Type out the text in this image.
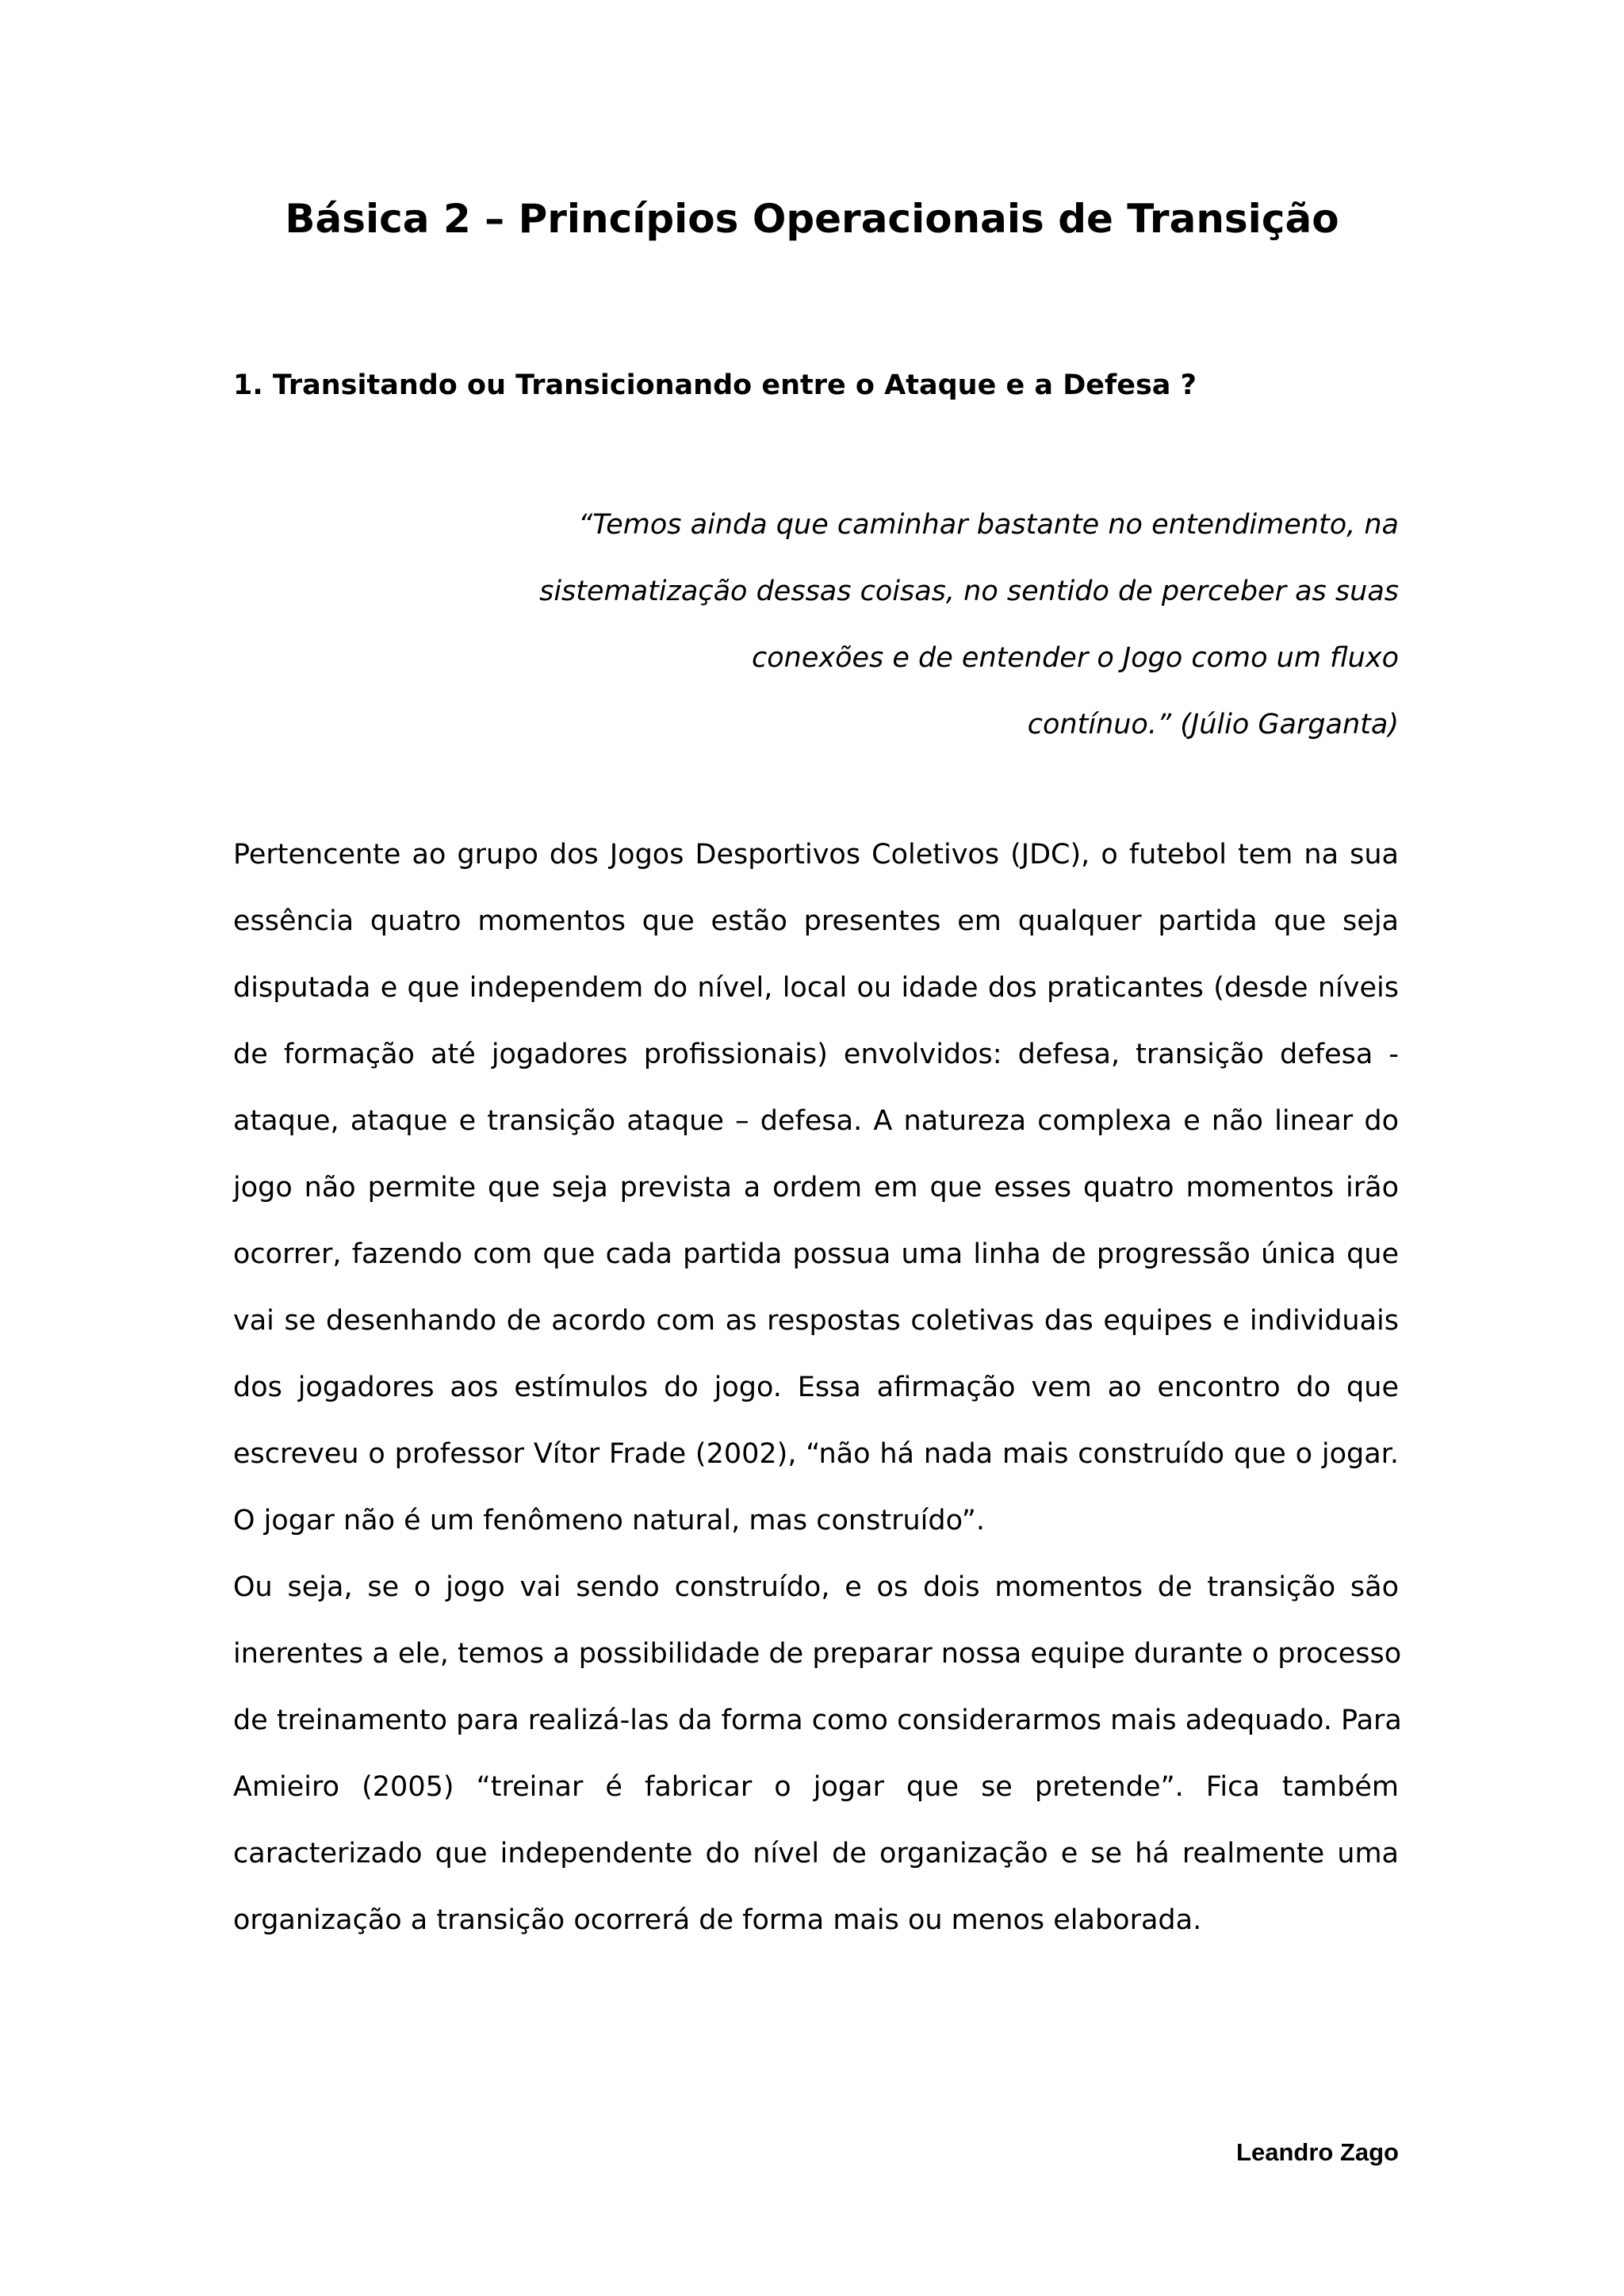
Básica 2 – Princípios Operacionais de Transição
1. Transitando ou Transicionando entre o Ataque e a Defesa ?
“Temos ainda que caminhar bastante no entendimento, na
sistematização dessas coisas, no sentido de perceber as suas
conexões e de entender o Jogo como um fluxo
contínuo.” (Júlio Garganta)
Pertencente ao grupo dos Jogos Desportivos Coletivos (JDC), o futebol tem na sua
essência quatro momentos que estão presentes em qualquer partida que seja
disputada e que independem do nível, local ou idade dos praticantes (desde níveis
de formação até jogadores profissionais) envolvidos: defesa, transição defesa -
ataque, ataque e transição ataque – defesa. A natureza complexa e não linear do
jogo não permite que seja prevista a ordem em que esses quatro momentos irão
ocorrer, fazendo com que cada partida possua uma linha de progressão única que
vai se desenhando de acordo com as respostas coletivas das equipes e individuais
dos jogadores aos estímulos do jogo. Essa afirmação vem ao encontro do que
escreveu o professor Vítor Frade (2002), “não há nada mais construído que o jogar.
O jogar não é um fenômeno natural, mas construído”.
Ou seja, se o jogo vai sendo construído, e os dois momentos de transição são
inerentes a ele, temos a possibilidade de preparar nossa equipe durante o processo
de treinamento para realizá-las da forma como considerarmos mais adequado. Para
Amieiro (2005) “treinar é fabricar o jogar que se pretende”. Fica também
caracterizado que independente do nível de organização e se há realmente uma
organização a transição ocorrerá de forma mais ou menos elaborada.

Leandro Zago
